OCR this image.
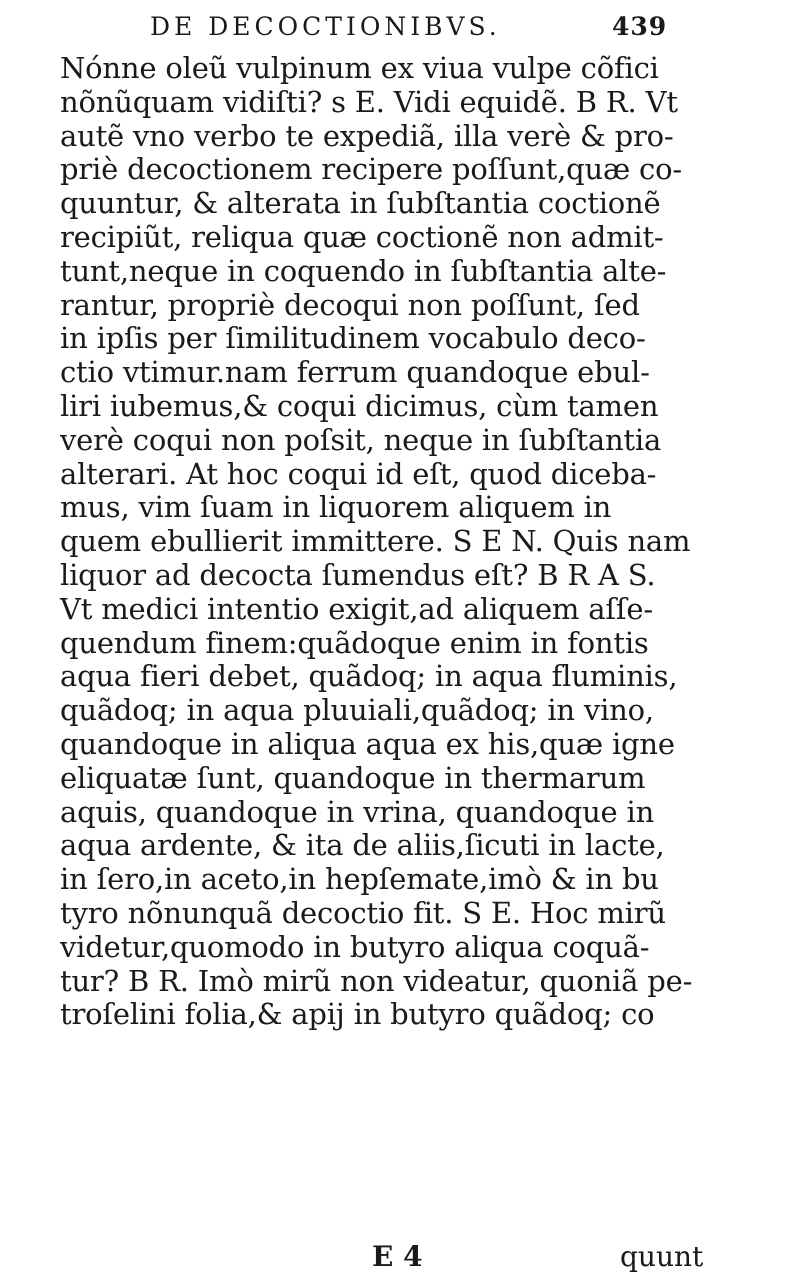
DE DECOCTIONIBVS.	439
Nónne oleũ vulpinum ex viua vulpe cõfici
nõnũquam vidiſti? s E. Vidi equidẽ. B R. Vt
autẽ vno verbo te expediã, illa verè & pro-
priè decoctionem recipere poſſunt,quæ co-
quuntur, & alterata in ſubſtantia coctionẽ
recipiũt, reliqua quæ coctionẽ non admit-
tunt,neque in coquendo in ſubſtantia alte-
rantur, propriè decoqui non poſſunt, ſed
in ipſis per ſimilitudinem vocabulo deco-
ctio vtimur.nam ferrum quandoque ebul-
liri iubemus,& coqui dicimus, cùm tamen
verè coqui non poſsit, neque in ſubſtantia
alterari. At hoc coqui id eſt, quod diceba-
mus, vim ſuam in liquorem aliquem in
quem ebullierit immittere. S E N. Quis nam
liquor ad decocta ſumendus eſt? B R A S.
Vt medici intentio exigit,ad aliquem aſſe-
quendum finem:quãdoque enim in fontis
aqua fieri debet, quãdoq; in aqua fluminis,
quãdoq; in aqua pluuiali,quãdoq; in vino,
quandoque in aliqua aqua ex his,quæ igne
eliquatæ ſunt, quandoque in thermarum
aquis, quandoque in vrina, quandoque in
aqua ardente, & ita de aliis,ſicuti in lacte,
in ſero,in aceto,in hepſemate,imò & in bu
tyro nõnunquã decoctio fit. S E. Hoc mirũ
videtur,quomodo in butyro aliqua coquã-
tur? B R. Imò mirũ non videatur, quoniã pe-
troſelini folia,& apij in butyro quãdoq; co
E 4	quunt
